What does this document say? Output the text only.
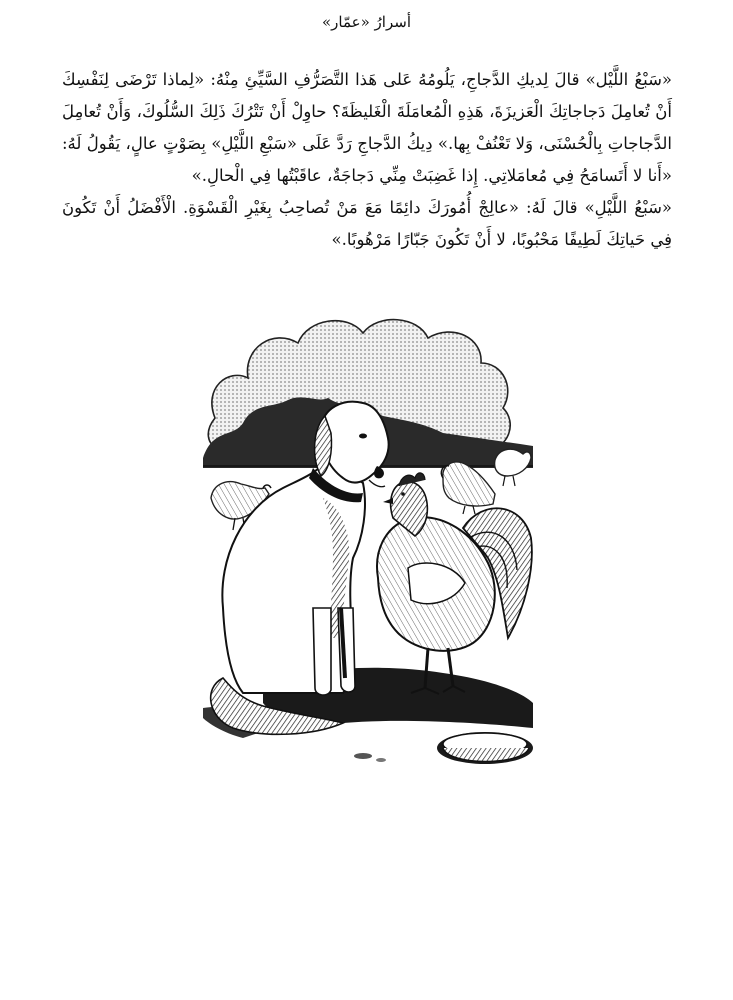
أسرارُ «عمّار»

«سَبْعُ اللَّيْل» قالَ لِديكِ الدَّجاجِ، يَلُومُهُ عَلى هَذا التَّصَرُّفِ السَّيِّئِ مِنْهُ: «لِماذا تَرْضَى لِنَفْسِكَ أَنْ تُعامِلَ دَجاجاتِكَ الْعَزيزَةَ، هَذِهِ الْمُعامَلَةَ الْغَليظَةَ؟ حاوِلْ أَنْ تَتْرُكَ ذَلِكَ السُّلُوكَ، وَأَنْ تُعامِلَ الدَّجاجاتِ بِالْحُسْنَى، وَلا تَعْنُفْ بِها.» دِيكُ الدَّجاجِ رَدَّ عَلَى «سَبْعِ اللَّيْلِ» بِصَوْتٍ عالٍ، يَقُولُ لَهُ: «أَنا لا أَتَسامَحُ فِي مُعامَلاتِي. إِذا غَضِبَتْ مِنِّي دَجاجَةٌ، عاقَبْتُها فِي الْحالِ.»

«سَبْعُ اللَّيْلِ» قالَ لَهُ: «عالِجْ أُمُورَكَ دائِمًا مَعَ مَنْ تُصاحِبُ بِغَيْرِ الْقَسْوَةِ. الْأَفْضَلُ أَنْ تَكُونَ فِي حَياتِكَ لَطِيفًا مَحْبُوبًا، لا أَنْ تَكُونَ جَبّارًا مَرْهُوبًا.»
